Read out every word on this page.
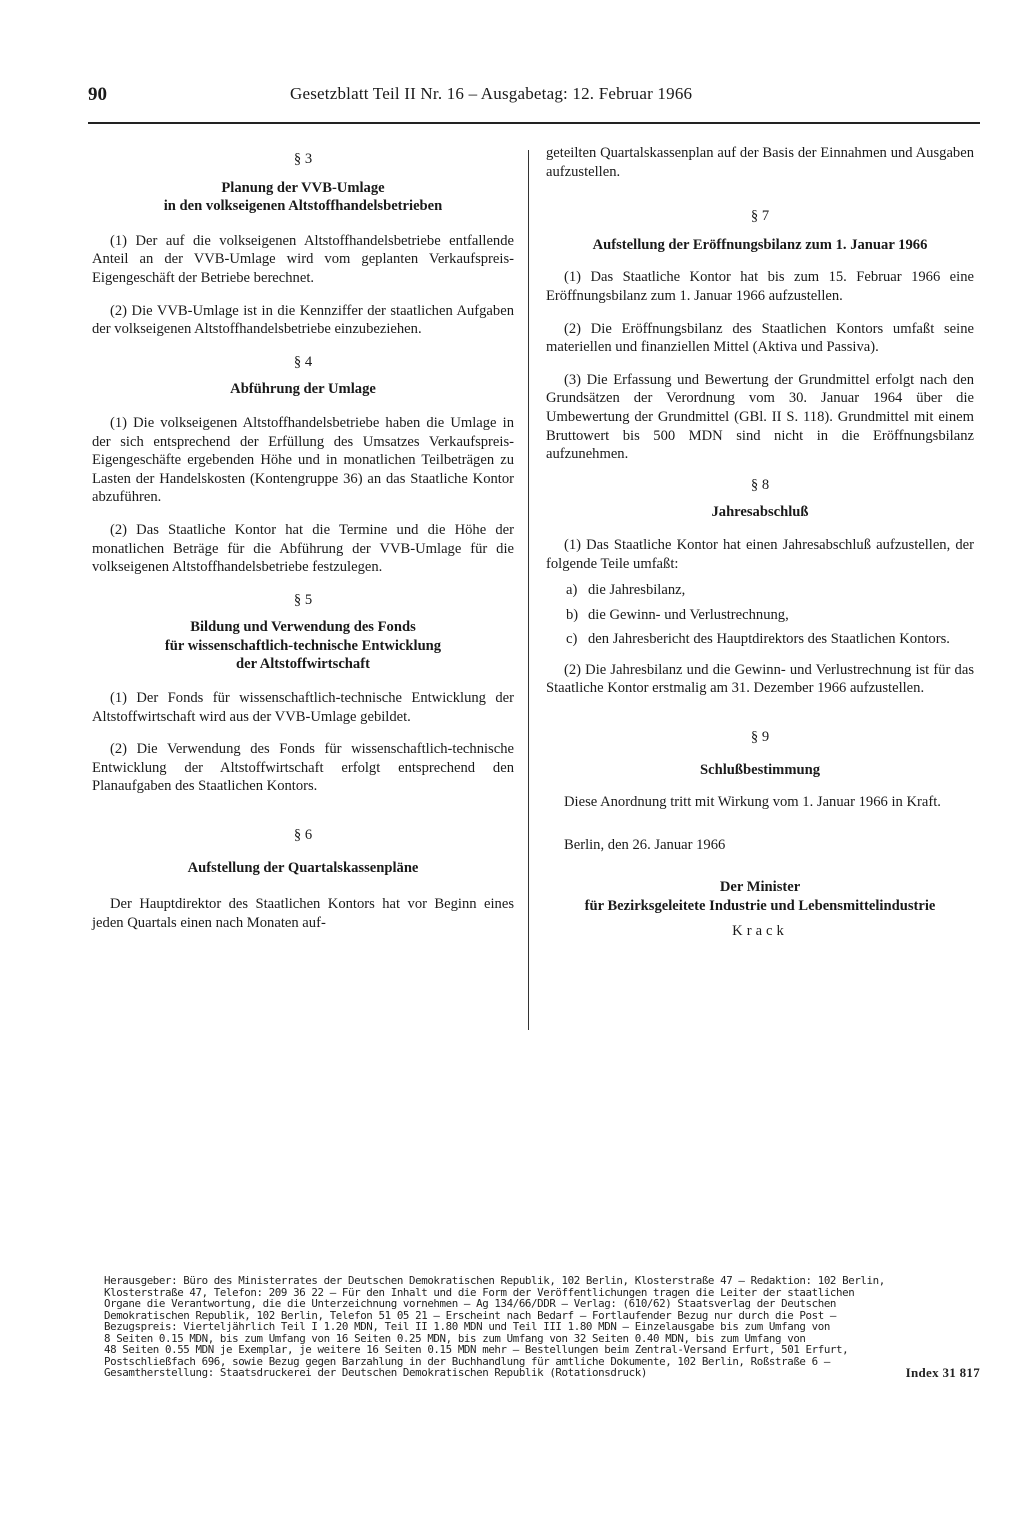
90	Gesetzblatt Teil II Nr. 16 – Ausgabetag: 12. Februar 1966

§ 3

Planung der VVB-Umlage

in den volkseigenen Altstoffhandelsbetrieben

(1) Der auf die volkseigenen Altstoffhandelsbetriebe entfallende Anteil an der VVB-Umlage wird vom geplanten Verkaufspreis-Eigengeschäft der Betriebe berechnet.

(2) Die VVB-Umlage ist in die Kennziffer der staatlichen Aufgaben der volkseigenen Altstoffhandelsbetriebe einzubeziehen.

§ 4

Abführung der Umlage

(1) Die volkseigenen Altstoffhandelsbetriebe haben die Umlage in der sich entsprechend der Erfüllung des Umsatzes Verkaufspreis-Eigengeschäfte ergebenden Höhe und in monatlichen Teilbeträgen zu Lasten der Handelskosten (Kontengruppe 36) an das Staatliche Kontor abzuführen.

(2) Das Staatliche Kontor hat die Termine und die Höhe der monatlichen Beträge für die Abführung der VVB-Umlage für die volkseigenen Altstoffhandelsbetriebe festzulegen.

§ 5

Bildung und Verwendung des Fonds

für wissenschaftlich-technische Entwicklung

der Altstoffwirtschaft

(1) Der Fonds für wissenschaftlich-technische Entwicklung der Altstoffwirtschaft wird aus der VVB-Umlage gebildet.

(2) Die Verwendung des Fonds für wissenschaftlich-technische Entwicklung der Altstoffwirtschaft erfolgt entsprechend den Planaufgaben des Staatlichen Kontors.

§ 6

Aufstellung der Quartalskassenpläne

Der Hauptdirektor des Staatlichen Kontors hat vor Beginn eines jeden Quartals einen nach Monaten auf-

geteilten Quartalskassenplan auf der Basis der Einnahmen und Ausgaben aufzustellen.

§ 7

Aufstellung der Eröffnungsbilanz zum 1. Januar 1966

(1) Das Staatliche Kontor hat bis zum 15. Februar 1966 eine Eröffnungsbilanz zum 1. Januar 1966 aufzustellen.

(2) Die Eröffnungsbilanz des Staatlichen Kontors umfaßt seine materiellen und finanziellen Mittel (Aktiva und Passiva).

(3) Die Erfassung und Bewertung der Grundmittel erfolgt nach den Grundsätzen der Verordnung vom 30. Januar 1964 über die Umbewertung der Grundmittel (GBl. II S. 118). Grundmittel mit einem Bruttowert bis 500 MDN sind nicht in die Eröffnungsbilanz aufzunehmen.

§ 8

Jahresabschluß

(1) Das Staatliche Kontor hat einen Jahresabschluß aufzustellen, der folgende Teile umfaßt:

a) die Jahresbilanz,
b) die Gewinn- und Verlustrechnung,
c) den Jahresbericht des Hauptdirektors des Staatlichen Kontors.

(2) Die Jahresbilanz und die Gewinn- und Verlustrechnung ist für das Staatliche Kontor erstmalig am 31. Dezember 1966 aufzustellen.

§ 9

Schlußbestimmung

Diese Anordnung tritt mit Wirkung vom 1. Januar 1966 in Kraft.

Berlin, den 26. Januar 1966

Der Minister

für Bezirksgeleitete Industrie und Lebensmittelindustrie

Krack

Herausgeber: Büro des Ministerrates der Deutschen Demokratischen Republik, 102 Berlin, Klosterstraße 47 – Redaktion: 102 Berlin,
Klosterstraße 47, Telefon: 209 36 22 – Für den Inhalt und die Form der Veröffentlichungen tragen die Leiter der staatlichen
Organe die Verantwortung, die die Unterzeichnung vornehmen – Ag 134/66/DDR – Verlag: (610/62) Staatsverlag der Deutschen
Demokratischen Republik, 102 Berlin, Telefon 51 05 21 – Erscheint nach Bedarf – Fortlaufender Bezug nur durch die Post –
Bezugspreis: Vierteljährlich Teil I 1.20 MDN, Teil II 1.80 MDN und Teil III 1.80 MDN – Einzelausgabe bis zum Umfang von
8 Seiten 0.15 MDN, bis zum Umfang von 16 Seiten 0.25 MDN, bis zum Umfang von 32 Seiten 0.40 MDN, bis zum Umfang von
48 Seiten 0.55 MDN je Exemplar, je weitere 16 Seiten 0.15 MDN mehr – Bestellungen beim Zentral-Versand Erfurt, 501 Erfurt,
Postschließfach 696, sowie Bezug gegen Barzahlung in der Buchhandlung für amtliche Dokumente, 102 Berlin, Roßstraße 6 –
Gesamtherstellung: Staatsdruckerei der Deutschen Demokratischen Republik (Rotationsdruck)	Index 31 817
